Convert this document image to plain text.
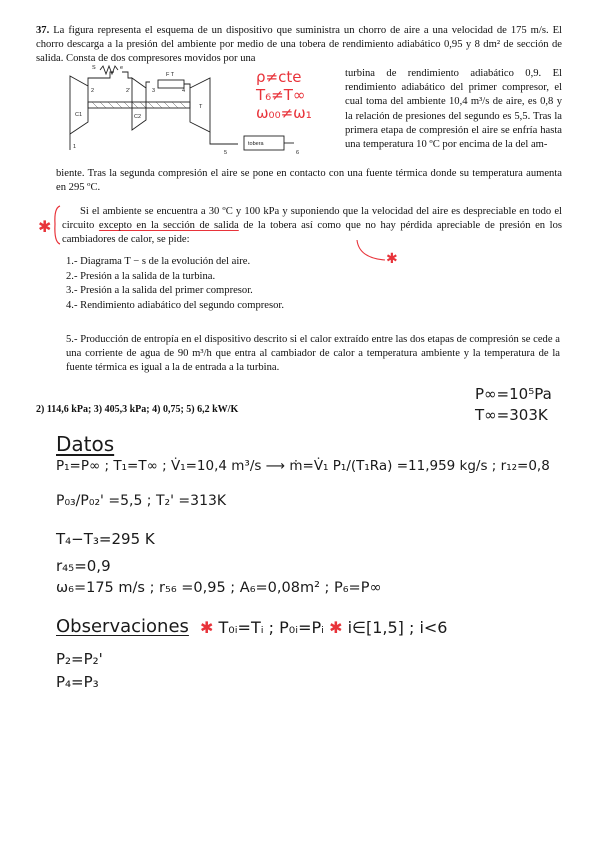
37. La figura representa el esquema de un dispositivo que suministra un chorro de aire a una velocidad de 175 m/s. El chorro descarga a la presión del ambiente por medio de una tobera de rendimiento adiabático 0,95 y 8 dm² de sección de salida. Consta de dos compresores movidos por una
C1	C2
T
F T
tobera
1
2	2'	3	4
5	6
S	e	ρ≠cte
T₆≠T∞
ω₀₀≠ω₁
turbina de rendimiento adiabático 0,9. El rendimiento adiabático del primer compresor, el cual toma del ambiente 10,4 m³/s de aire, es 0,8 y la relación de presiones del segundo es 5,5. Tras la primera etapa de compresión el aire se enfría hasta una temperatura 10 ºC por encima de la del am-
biente. Tras la segunda compresión el aire se pone en contacto con una fuente térmica donde su temperatura aumenta en 295 ºC.
✱
Si el ambiente se encuentra a 30 ºC y 100 kPa y suponiendo que la velocidad del aire es despreciable en todo el circuito excepto en la sección de salida de la tobera así como que no hay pérdida apreciable de presión en los cambiadores de calor, se pide:
✱
1.- Diagrama T − s de la evolución del aire.
2.- Presión a la salida de la turbina.
3.- Presión a la salida del primer compresor.
4.- Rendimiento adiabático del segundo compresor.
5.- Producción de entropía en el dispositivo descrito si el calor extraído entre las dos etapas de compresión se cede a una corriente de agua de 90 m³/h que entra al cambiador de calor a temperatura ambiente y la temperatura de la fuente térmica es igual a la de entrada a la turbina.
2) 114,6 kPa; 3) 405,3 kPa; 4) 0,75; 5) 6,2 kW/K
P∞=10⁵Pa
T∞=303K
Datos
P₁=P∞ ; T₁=T∞ ; V̇₁=10,4 m³/s ⟶ ṁ=V̇₁ P₁/(T₁Ra) =11,959 kg/s ; r₁₂=0,8
P₀₃/P₀₂' =5,5 ; T₂' =313K
T₄−T₃=295 K
r₄₅=0,9
ω₆=175 m/s ; r₅₆ =0,95 ; A₆=0,08m² ; P₆=P∞
Observaciones ✱ T₀ᵢ=Tᵢ ; P₀ᵢ=Pᵢ ✱ i∈[1,5] ; i<6
P₂=P₂'
P₄=P₃
